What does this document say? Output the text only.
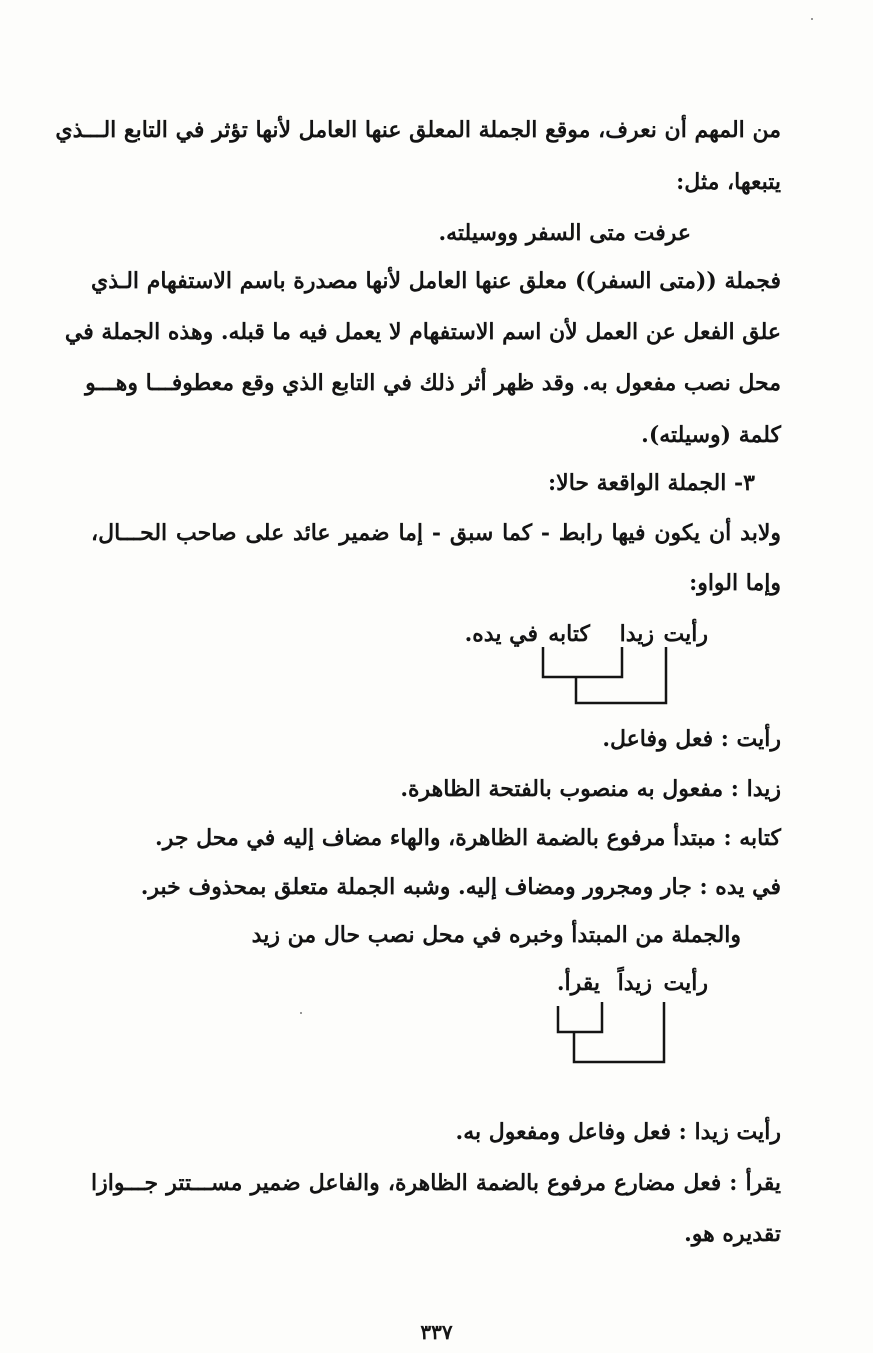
من المهم أن نعرف، موقع الجملة المعلق عنها العامل لأنها تؤثر في التابع الـــذي
يتبعها، مثل:
عرفت متى السفر ووسيلته.
فجملة ((متى السفر)) معلق عنها العامل لأنها مصدرة باسم الاستفهام الـذي
علق الفعل عن العمل لأن اسم الاستفهام لا يعمل فيه ما قبله. وهذه الجملة في
محل نصب مفعول به. وقد ظهر أثر ذلك في التابع الذي وقع معطوفـــا وهـــو
كلمة (وسيلته).
٣- الجملة الواقعة حالا:
ولابد أن يكون فيها رابط - كما سبق - إما ضمير عائد على صاحب الحـــال،
وإما الواو:
رأيت
زيدا
كتابه
في يده.
رأيت : فعل وفاعل.
زيدا : مفعول به منصوب بالفتحة الظاهرة.
كتابه : مبتدأ مرفوع بالضمة الظاهرة، والهاء مضاف إليه في محل جر.
في يده : جار ومجرور ومضاف إليه. وشبه الجملة متعلق بمحذوف خبر.
والجملة من المبتدأ وخبره في محل نصب حال من زيد
رأيت
زيداً
يقرأ.
رأيت زيدا : فعل وفاعل ومفعول به.
يقرأ : فعل مضارع مرفوع بالضمة الظاهرة، والفاعل ضمير مســـتتر جـــوازا
تقديره هو.
٣٣٧
